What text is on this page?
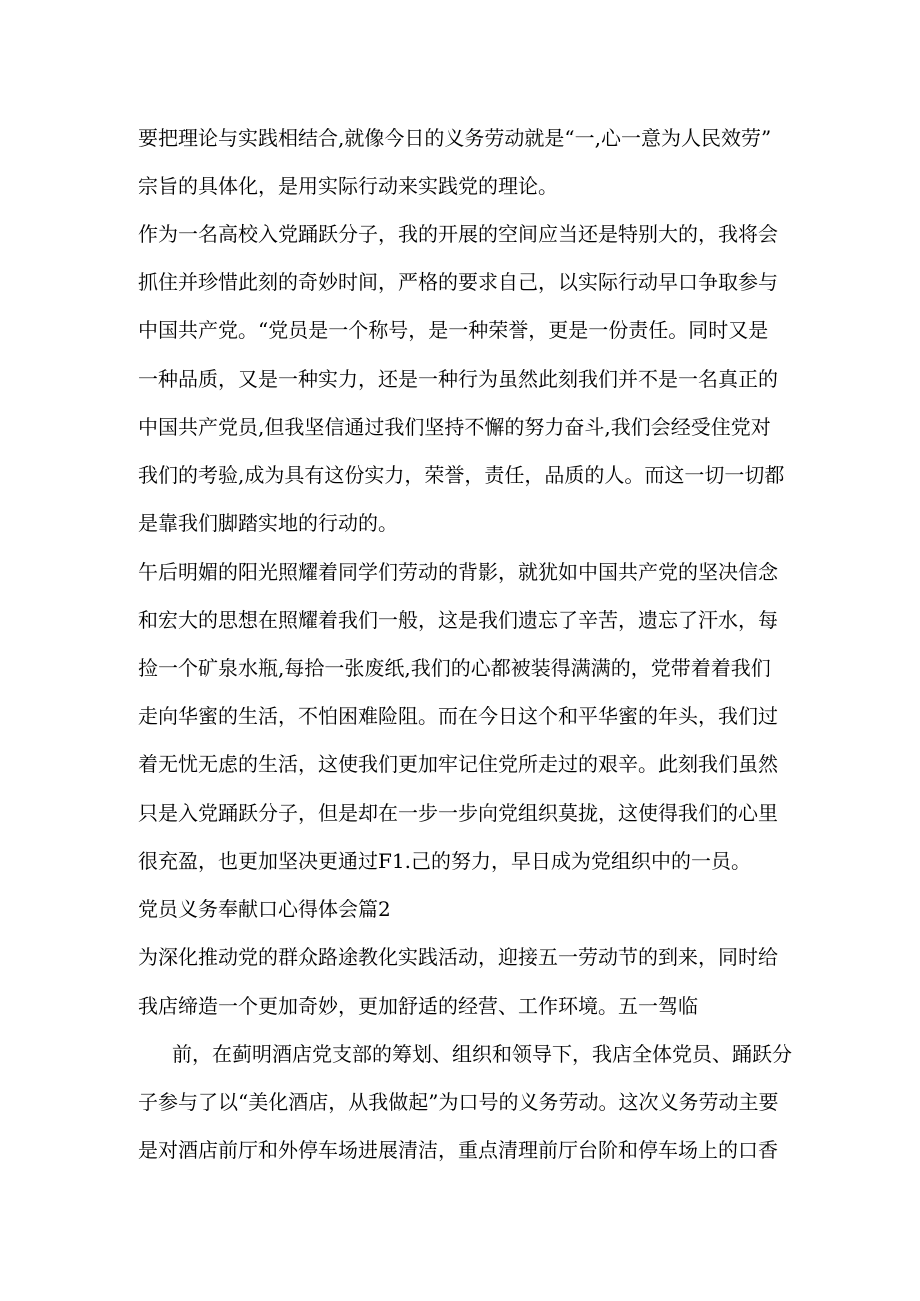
要把理论与实践相结合,就像今日的义务劳动就是“一,心一意为人民效劳”
宗旨的具体化，是用实际行动来实践党的理论。
作为一名高校入党踊跃分子，我的开展的空间应当还是特别大的，我将会
抓住并珍惜此刻的奇妙时间，严格的要求自己，以实际行动早口争取参与
中国共产党。“党员是一个称号，是一种荣誉，更是一份责任。同时又是
一种品质，又是一种实力，还是一种行为虽然此刻我们并不是一名真正的
中国共产党员,但我坚信通过我们坚持不懈的努力奋斗,我们会经受住党对
我们的考验,成为具有这份实力，荣誉，责任，品质的人。而这一切一切都
是靠我们脚踏实地的行动的。
午后明媚的阳光照耀着同学们劳动的背影，就犹如中国共产党的坚决信念
和宏大的思想在照耀着我们一般，这是我们遗忘了辛苦，遗忘了汗水，每
捡一个矿泉水瓶,每拾一张废纸,我们的心都被装得满满的，党带着着我们
走向华蜜的生活，不怕困难险阻。而在今日这个和平华蜜的年头，我们过
着无忧无虑的生活，这使我们更加牢记住党所走过的艰辛。此刻我们虽然
只是入党踊跃分子，但是却在一步一步向党组织莫拢，这使得我们的心里
很充盈，也更加坚决更通过F1.己的努力，早日成为党组织中的一员。
党员义务奉献口心得体会篇2
为深化推动党的群众路途教化实践活动，迎接五一劳动节的到来，同时给
我店缔造一个更加奇妙，更加舒适的经营、工作环境。五一驾临
前，在蓟明酒店党支部的筹划、组织和领导下，我店全体党员、踊跃分
子参与了以“美化酒店，从我做起”为口号的义务劳动。这次义务劳动主要
是对酒店前厅和外停车场进展清洁，重点清理前厅台阶和停车场上的口香
